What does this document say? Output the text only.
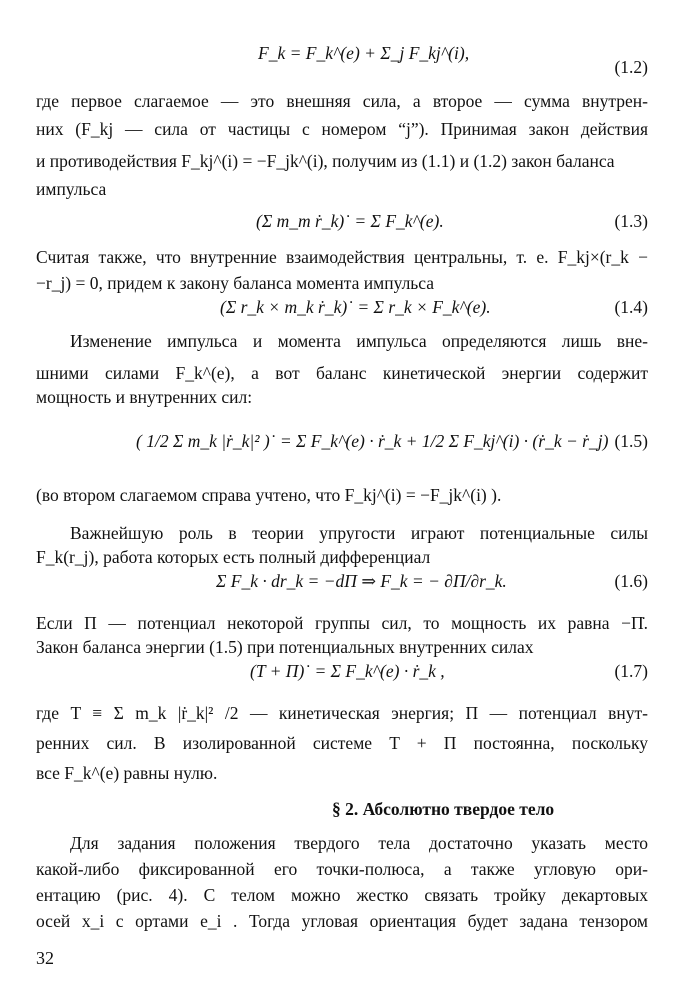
F_k = F_k^(e) + Σ_j F_kj^(i),
(1.2)
где первое слагаемое — это внешняя сила, а второе — сумма внутрен-
них (F_kj — сила от частицы с номером “j”). Принимая закон действия
и противодействия F_kj^(i) = −F_jk^(i), получим из (1.1) и (1.2) закон баланса
импульса
(Σ m_m ṙ_k)˙ = Σ F_k^(e).	(1.3)
Считая также, что внутренние взаимодействия центральны, т. е. F_kj×(r_k −
−r_j) = 0, придем к закону баланса момента импульса
(Σ r_k × m_k ṙ_k)˙ = Σ r_k × F_k^(e).	(1.4)
Изменение импульса и момента импульса определяются лишь вне-
шними силами F_k^(e), а вот баланс кинетической энергии содержит
мощность и внутренних сил:
( 1/2 Σ m_k |ṙ_k|² )˙ = Σ F_k^(e) · ṙ_k + 1/2 Σ F_kj^(i) · (ṙ_k − ṙ_j) (1.5)
(во втором слагаемом справа учтено, что F_kj^(i) = −F_jk^(i) ).
Важнейшую роль в теории упругости играют потенциальные силы
F_k(r_j), работа которых есть полный дифференциал
Σ F_k · dr_k = −dП ⇒ F_k = − ∂П/∂r_k.	(1.6)
Если П — потенциал некоторой группы сил, то мощность их равна −П̇.
Закон баланса энергии (1.5) при потенциальных внутренних силах
(T + П)˙ = Σ F_k^(e) · ṙ_k ,	(1.7)
где T ≡ Σ m_k |ṙ_k|² /2 — кинетическая энергия; П — потенциал внут-
ренних сил. В изолированной системе T + П постоянна, поскольку
все F_k^(e) равны нулю.
§ 2. Абсолютно твердое тело
Для задания положения твердого тела достаточно указать место
какой-либо фиксированной его точки-полюса, а также угловую ори-
ентацию (рис. 4). С телом можно жестко связать тройку декартовых
осей x_i с ортами e_i . Тогда угловая ориентация будет задана тензором
32
